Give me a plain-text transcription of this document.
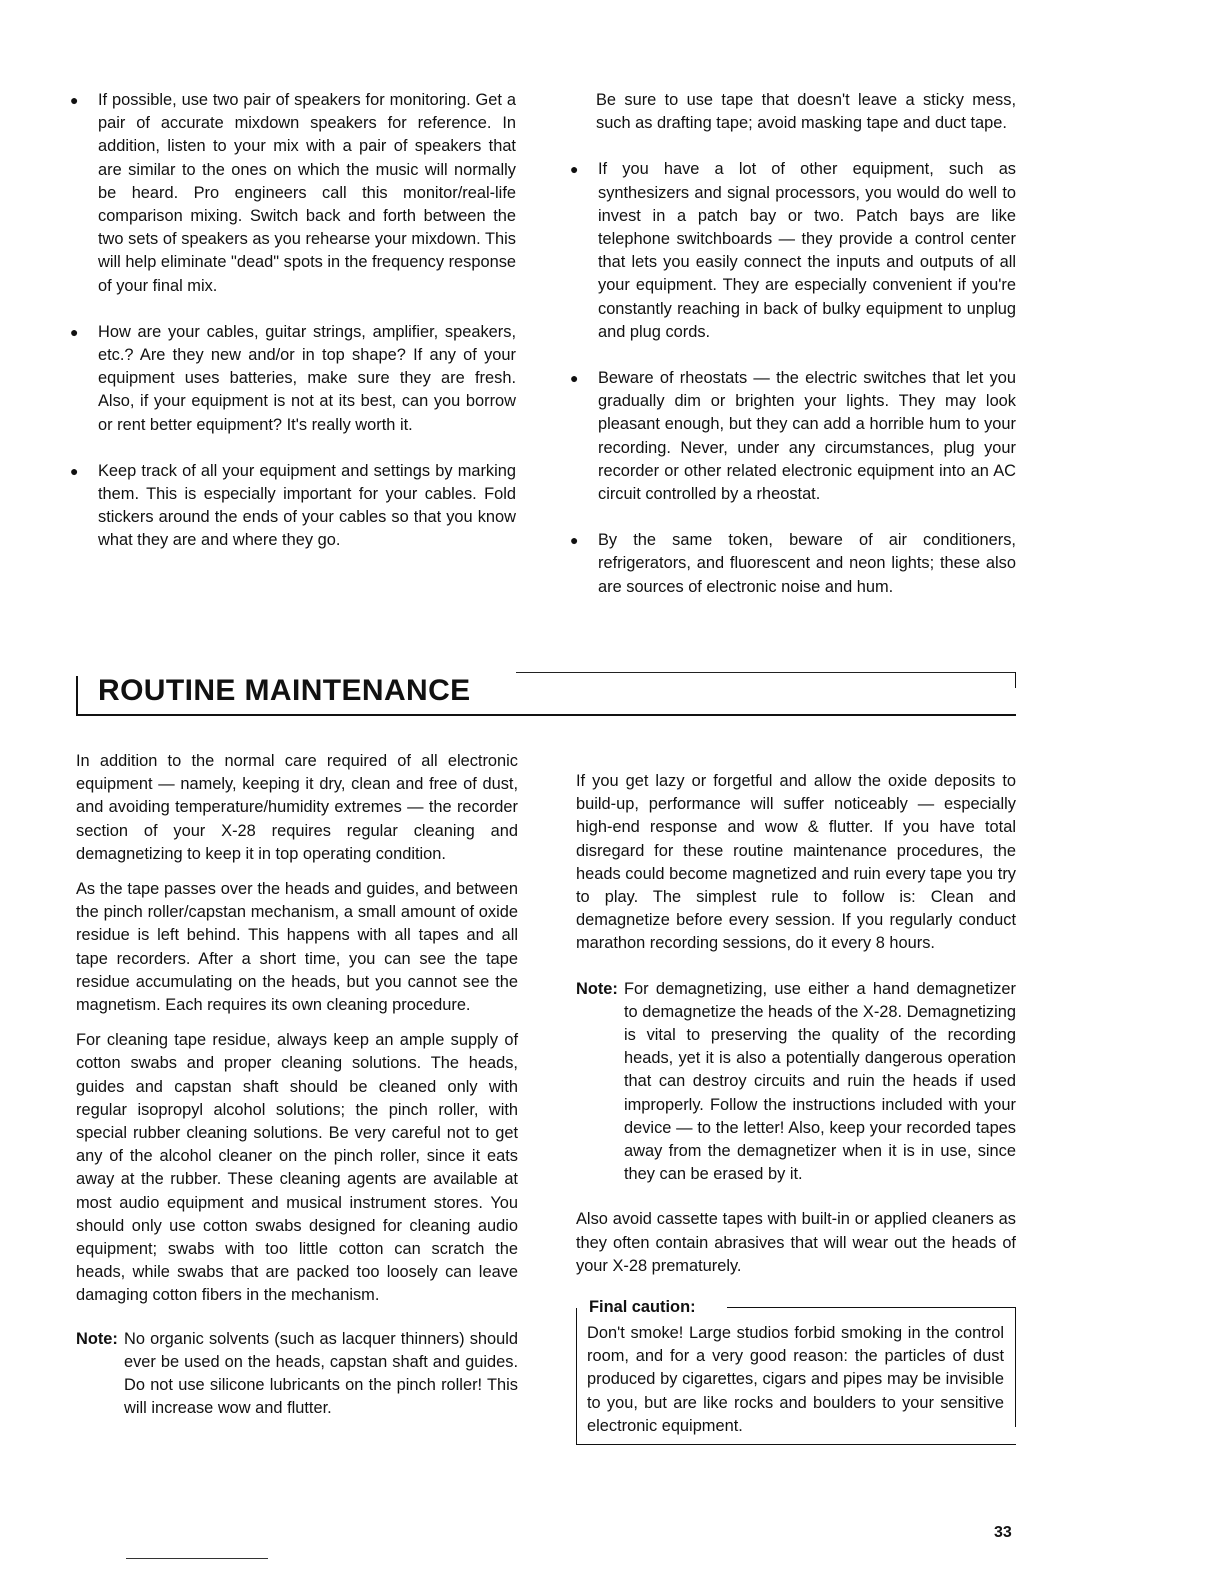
● If possible, use two pair of speakers for monitoring. Get a pair of accurate mixdown speakers for reference. In addition, listen to your mix with a pair of speakers that are similar to the ones on which the music will normally be heard. Pro engineers call this monitor/real-life comparison mixing. Switch back and forth between the two sets of speakers as you rehearse your mixdown. This will help eliminate "dead" spots in the frequency response of your final mix.
● How are your cables, guitar strings, amplifier, speakers, etc.? Are they new and/or in top shape? If any of your equipment uses batteries, make sure they are fresh. Also, if your equipment is not at its best, can you borrow or rent better equipment? It's really worth it.
● Keep track of all your equipment and settings by marking them. This is especially important for your cables. Fold stickers around the ends of your cables so that you know what they are and where they go.
Be sure to use tape that doesn't leave a sticky mess, such as drafting tape; avoid masking tape and duct tape.
● If you have a lot of other equipment, such as synthesizers and signal processors, you would do well to invest in a patch bay or two. Patch bays are like telephone switchboards — they provide a control center that lets you easily connect the inputs and outputs of all your equipment. They are especially convenient if you're constantly reaching in back of bulky equipment to unplug and plug cords.
● Beware of rheostats — the electric switches that let you gradually dim or brighten your lights. They may look pleasant enough, but they can add a horrible hum to your recording. Never, under any circumstances, plug your recorder or other related electronic equipment into an AC circuit controlled by a rheostat.
● By the same token, beware of air conditioners, refrigerators, and fluorescent and neon lights; these also are sources of electronic noise and hum.
ROUTINE MAINTENANCE

In addition to the normal care required of all electronic equipment — namely, keeping it dry, clean and free of dust, and avoiding temperature/humidity extremes — the recorder section of your X-28 requires regular cleaning and demagnetizing to keep it in top operating condition.

As the tape passes over the heads and guides, and between the pinch roller/capstan mechanism, a small amount of oxide residue is left behind. This happens with all tapes and all tape recorders. After a short time, you can see the tape residue accumulating on the heads, but you cannot see the magnetism. Each requires its own cleaning procedure.

For cleaning tape residue, always keep an ample supply of cotton swabs and proper cleaning solutions. The heads, guides and capstan shaft should be cleaned only with regular isopropyl alcohol solutions; the pinch roller, with special rubber cleaning solutions. Be very careful not to get any of the alcohol cleaner on the pinch roller, since it eats away at the rubber. These cleaning agents are available at most audio equipment and musical instrument stores. You should only use cotton swabs designed for cleaning audio equipment; swabs with too little cotton can scratch the heads, while swabs that are packed too loosely can leave damaging cotton fibers in the mechanism.

Note: No organic solvents (such as lacquer thinners) should ever be used on the heads, capstan shaft and guides. Do not use silicone lubricants on the pinch roller! This will increase wow and flutter.

If you get lazy or forgetful and allow the oxide deposits to build-up, performance will suffer noticeably — especially high-end response and wow & flutter. If you have total disregard for these routine maintenance procedures, the heads could become magnetized and ruin every tape you try to play. The simplest rule to follow is: Clean and demagnetize before every session. If you regularly conduct marathon recording sessions, do it every 8 hours.

Note: For demagnetizing, use either a hand demagnetizer to demagnetize the heads of the X-28. Demagnetizing is vital to preserving the quality of the recording heads, yet it is also a potentially dangerous operation that can destroy circuits and ruin the heads if used improperly. Follow the instructions included with your device — to the letter! Also, keep your recorded tapes away from the demagnetizer when it is in use, since they can be erased by it.

Also avoid cassette tapes with built-in or applied cleaners as they often contain abrasives that will wear out the heads of your X-28 prematurely.

Final caution:
Don't smoke! Large studios forbid smoking in the control room, and for a very good reason: the particles of dust produced by cigarettes, cigars and pipes may be invisible to you, but are like rocks and boulders to your sensitive electronic equipment.
33
